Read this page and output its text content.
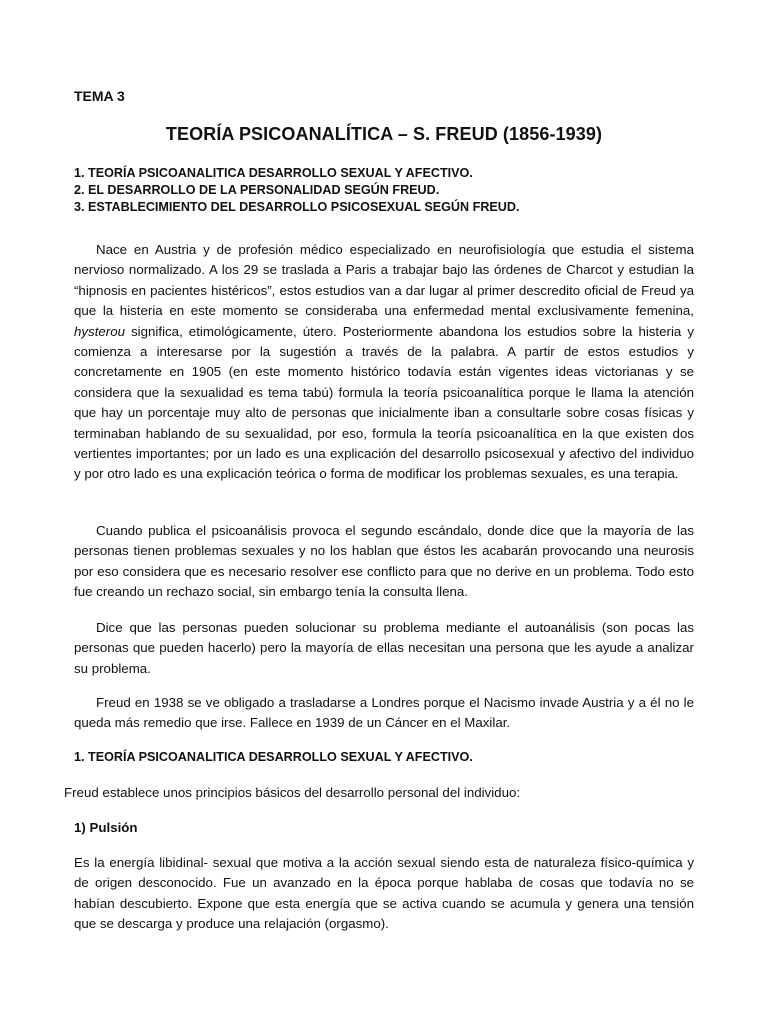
TEMA 3
TEORÍA PSICOANALÍTICA – S. FREUD (1856-1939)
1. TEORÍA PSICOANALITICA DESARROLLO SEXUAL Y AFECTIVO.
2. EL DESARROLLO DE LA PERSONALIDAD SEGÚN FREUD.
3. ESTABLECIMIENTO DEL DESARROLLO PSICOSEXUAL SEGÚN FREUD.

Nace en Austria y de profesión médico especializado en neurofisiología que estudia el sistema nervioso normalizado. A los 29 se traslada a Paris a trabajar bajo las órdenes de Charcot y estudian la “hipnosis en pacientes histéricos”, estos estudios van a dar lugar al primer descredito oficial de Freud ya que la histeria en este momento se consideraba una enfermedad mental exclusivamente femenina, hysterou significa, etimológicamente, útero. Posteriormente abandona los estudios sobre la histeria y comienza a interesarse por la sugestión a través de la palabra. A partir de estos estudios y concretamente en 1905 (en este momento histórico todavía están vigentes ideas victorianas y se considera que la sexualidad es tema tabú) formula la teoría psicoanalítica porque le llama la atención que hay un porcentaje muy alto de personas que inicialmente iban a consultarle sobre cosas físicas y terminaban hablando de su sexualidad, por eso, formula la teoría psicoanalítica en la que existen dos vertientes importantes; por un lado es una explicación del desarrollo psicosexual y afectivo del individuo y por otro lado es una explicación teórica o forma de modificar los problemas sexuales, es una terapia.

Cuando publica el psicoanálisis provoca el segundo escándalo, donde dice que la mayoría de las personas tienen problemas sexuales y no los hablan que éstos les acabarán provocando una neurosis por eso considera que es necesario resolver ese conflicto para que no derive en un problema. Todo esto fue creando un rechazo social, sin embargo tenía la consulta llena.

Dice que las personas pueden solucionar su problema mediante el autoanálisis (son pocas las personas que pueden hacerlo) pero la mayoría de ellas necesitan una persona que les ayude a analizar su problema.

Freud en 1938 se ve obligado a trasladarse a Londres porque el Nacismo invade Austria y a él no le queda más remedio que irse. Fallece en 1939 de un Cáncer en el Maxilar.

1. TEORÍA PSICOANALITICA DESARROLLO SEXUAL Y AFECTIVO.
Freud establece unos principios básicos del desarrollo personal del individuo:
1) Pulsión

Es la energía libidinal- sexual que motiva a la acción sexual siendo esta de naturaleza físico-química y de origen desconocido. Fue un avanzado en la época porque hablaba de cosas que todavía no se habían descubierto. Expone que esta energía que se activa cuando se acumula y genera una tensión que se descarga y produce una relajación (orgasmo).
